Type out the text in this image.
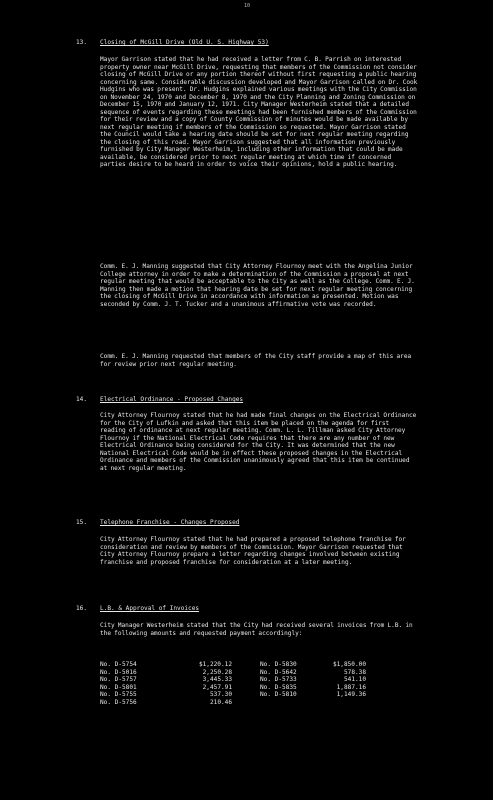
10
13. Closing of McGill Drive (Old U. S. Highway 53)

Mayor Garrison stated that he had received a letter from C. B. Parrish on interested property owner near McGill Drive, requesting that members of the Commission not consider closing of McGill Drive or any portion thereof without first requesting a public hearing concerning same. Considerable discussion developed and Mayor Garrison called on Dr. Cook Hudgins who was present. Dr. Hudgins explained various meetings with the City Commission on November 24, 1970 and December 8, 1970 and the City Planning and Zoning Commission on December 15, 1970 and January 12, 1971. City Manager Westerheim stated that a detailed sequence of events regarding these meetings had been furnished members of the Commission for their review and a copy of County Commission of minutes would be made available by next regular meeting if members of the Commission so requested. Mayor Garrison stated the Council would take a hearing date should be set for next regular meeting regarding the closing of this road. Mayor Garrison suggested that all information previously furnished by City Manager Westerheim, including other information that could be made available, be considered prior to next regular meeting at which time if concerned parties desire to be heard in order to voice their opinions, hold a public hearing.

Comm. E. J. Manning suggested that City Attorney Flournoy meet with the Angelina Junior College attorney in order to make a determination of the Commission a proposal at next regular meeting that would be acceptable to the City as well as the College. Comm. E. J. Manning then made a motion that hearing date be set for next regular meeting concerning the closing of McGill Drive in accordance with information as presented. Motion was seconded by Comm. J. T. Tucker and a unanimous affirmative vote was recorded.

Comm. E. J. Manning requested that members of the City staff provide a map of this area for review prior next regular meeting.

14. Electrical Ordinance - Proposed Changes

City Attorney Flournoy stated that he had made final changes on the Electrical Ordinance for the City of Lufkin and asked that this item be placed on the agenda for first reading of ordinance at next regular meeting. Comm. L. L. Tillman asked City Attorney Flournoy if the National Electrical Code requires that there are any number of new Electrical Ordinance being considered for the City. It was determined that the new National Electrical Code would be in effect these proposed changes in the Electrical Ordinance and members of the Commission unanimously agreed that this item be continued at next regular meeting.

15. Telephone Franchise - Changes Proposed

City Attorney Flournoy stated that he had prepared a proposed telephone franchise for consideration and review by members of the Commission. Mayor Garrison requested that City Attorney Flournoy prepare a letter regarding changes involved between existing franchise and proposed franchise for consideration at a later meeting.

16. L.B. & Approval of Invoices

City Manager Westerheim stated that the City had received several invoices from L.B. in the following amounts and requested payment accordingly:

No. D-5754	$1,220.12	No. D-5830	$1,850.00
No. D-5016	2,250.28	No. D-5642	578.38
No. D-5757	3,445.33	No. D-5733	541.10
No. D-5801	2,457.91	No. D-5835	1,887.16
No. D-5755	537.30	No. D-5810	1,149.36
No. D-5756	210.46		
